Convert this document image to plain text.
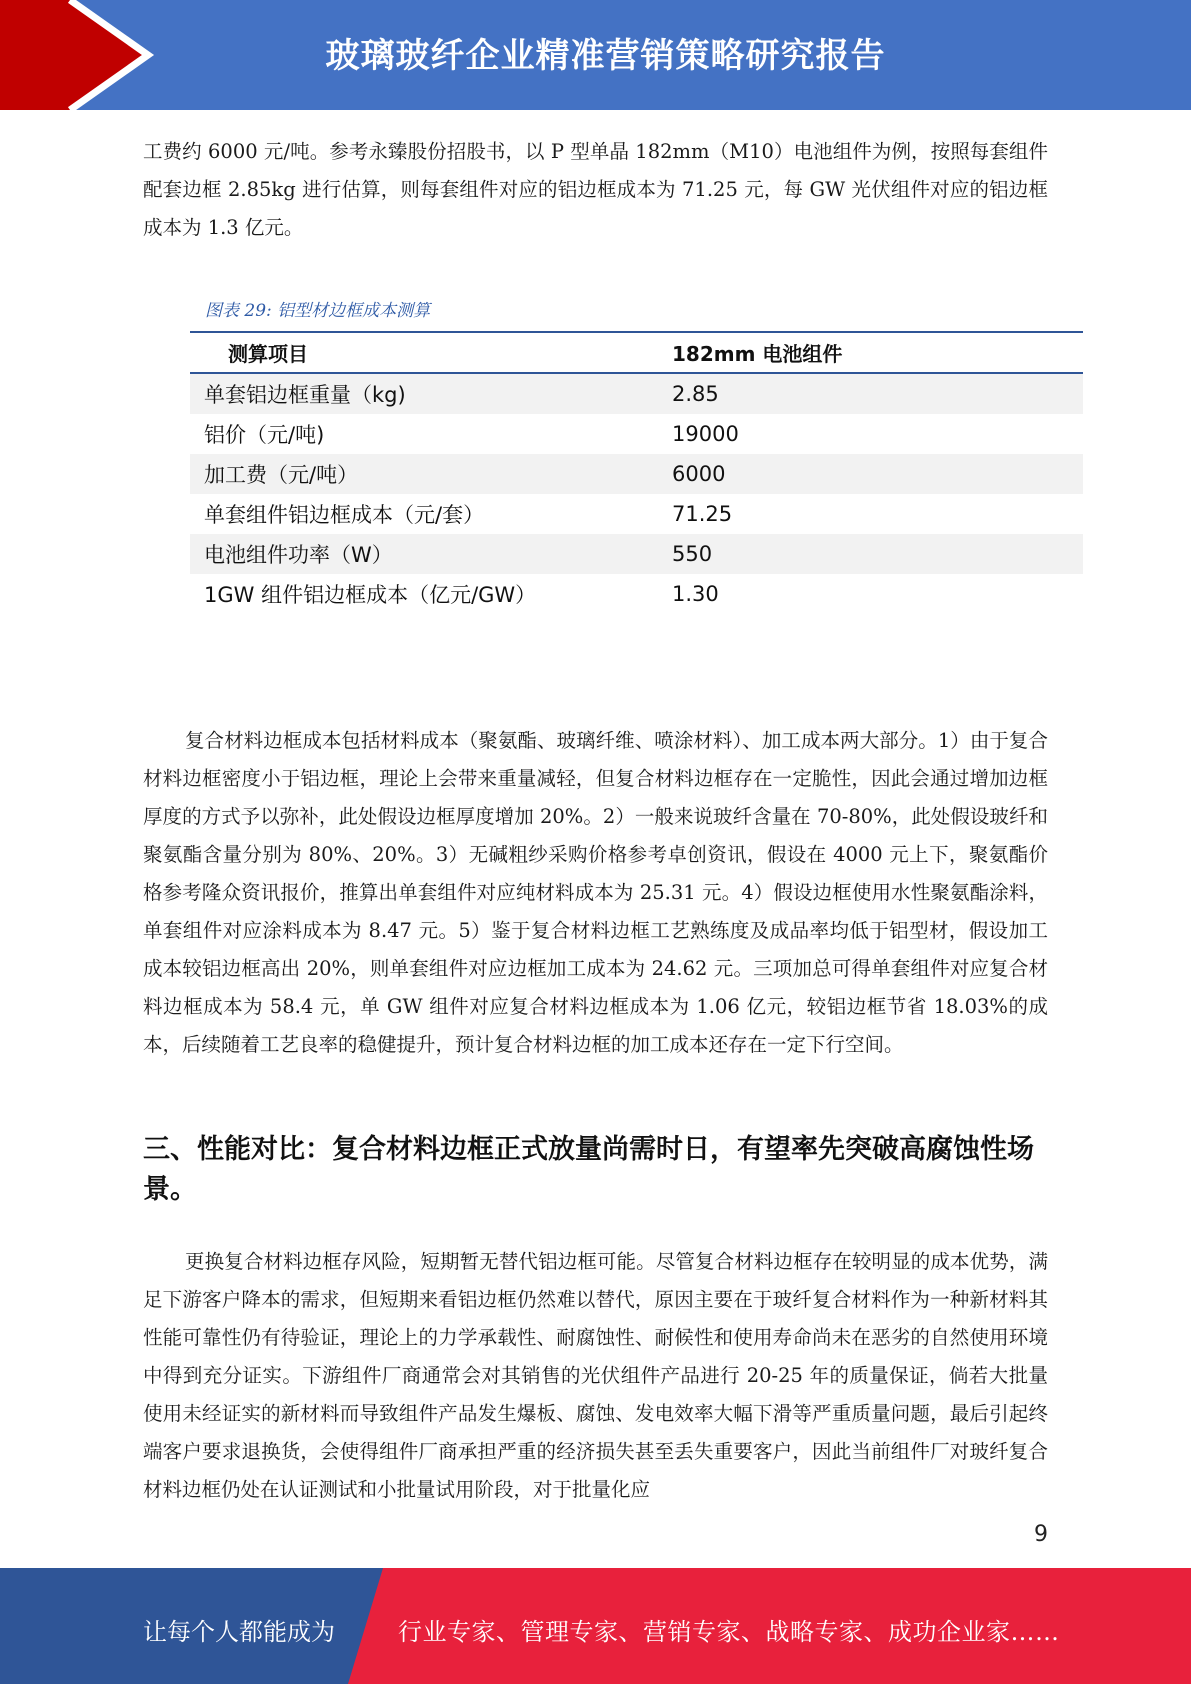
玻璃玻纤企业精准营销策略研究报告

工费约 6000 元/吨。参考永臻股份招股书，以 P 型单晶 182mm（M10）电池组件为例，按照每套组件配套边框 2.85kg 进行估算，则每套组件对应的铝边框成本为 71.25 元，每 GW 光伏组件对应的铝边框成本为 1.3 亿元。

图表 29: 铝型材边框成本测算
测算项目	182mm 电池组件
单套铝边框重量（kg)	2.85
铝价（元/吨)	19000
加工费（元/吨）	6000
单套组件铝边框成本（元/套）	71.25
电池组件功率（W）	550
1GW 组件铝边框成本（亿元/GW）	1.30

复合材料边框成本包括材料成本（聚氨酯、玻璃纤维、喷涂材料）、加工成本两大部分。1）由于复合材料边框密度小于铝边框，理论上会带来重量减轻，但复合材料边框存在一定脆性，因此会通过增加边框厚度的方式予以弥补，此处假设边框厚度增加 20%。2）一般来说玻纤含量在 70-80%，此处假设玻纤和聚氨酯含量分别为 80%、20%。3）无碱粗纱采购价格参考卓创资讯，假设在 4000 元上下，聚氨酯价格参考隆众资讯报价，推算出单套组件对应纯材料成本为 25.31 元。4）假设边框使用水性聚氨酯涂料，单套组件对应涂料成本为 8.47 元。5）鉴于复合材料边框工艺熟练度及成品率均低于铝型材，假设加工成本较铝边框高出 20%，则单套组件对应边框加工成本为 24.62 元。三项加总可得单套组件对应复合材料边框成本为 58.4 元，单 GW 组件对应复合材料边框成本为 1.06 亿元，较铝边框节省 18.03%的成本，后续随着工艺良率的稳健提升，预计复合材料边框的加工成本还存在一定下行空间。

三、性能对比：复合材料边框正式放量尚需时日，有望率先突破高腐蚀性场景。

更换复合材料边框存风险，短期暂无替代铝边框可能。尽管复合材料边框存在较明显的成本优势，满足下游客户降本的需求，但短期来看铝边框仍然难以替代，原因主要在于玻纤复合材料作为一种新材料其性能可靠性仍有待验证，理论上的力学承载性、耐腐蚀性、耐候性和使用寿命尚未在恶劣的自然使用环境中得到充分证实。下游组件厂商通常会对其销售的光伏组件产品进行 20-25 年的质量保证，倘若大批量使用未经证实的新材料而导致组件产品发生爆板、腐蚀、发电效率大幅下滑等严重质量问题，最后引起终端客户要求退换货，会使得组件厂商承担严重的经济损失甚至丢失重要客户，因此当前组件厂对玻纤复合材料边框仍处在认证测试和小批量试用阶段，对于批量化应

9
让每个人都能成为	行业专家、管理专家、营销专家、战略专家、成功企业家……
